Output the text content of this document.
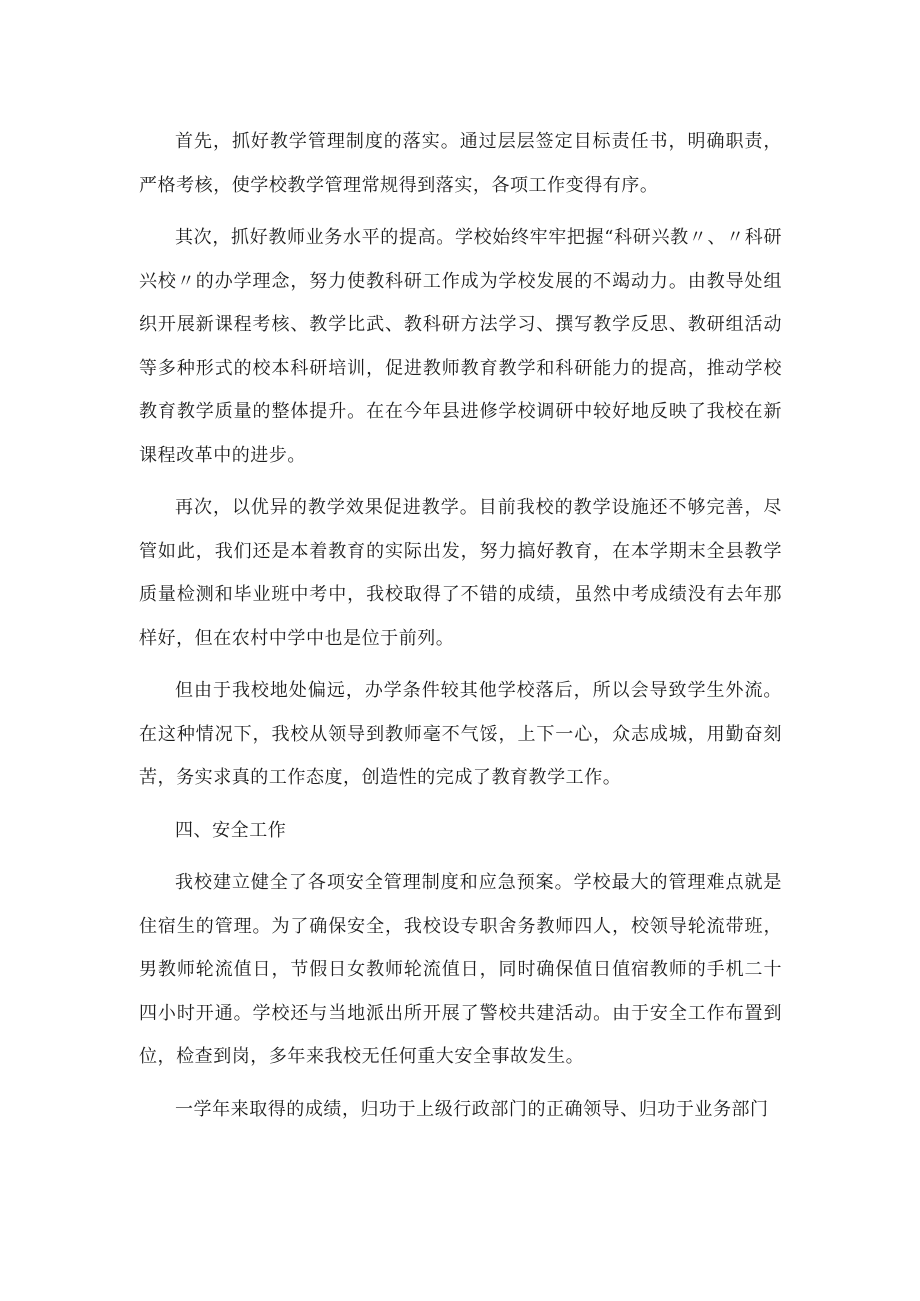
首先，抓好教学管理制度的落实。通过层层签定目标责任书，明确职责，严格考核，使学校教学管理常规得到落实，各项工作变得有序。

其次，抓好教师业务水平的提高。学校始终牢牢把握“科研兴教〃、〃科研兴校〃的办学理念，努力使教科研工作成为学校发展的不竭动力。由教导处组织开展新课程考核、教学比武、教科研方法学习、撰写教学反思、教研组活动等多种形式的校本科研培训，促进教师教育教学和科研能力的提高，推动学校教育教学质量的整体提升。在在今年县进修学校调研中较好地反映了我校在新课程改革中的进步。

再次，以优异的教学效果促进教学。目前我校的教学设施还不够完善，尽管如此，我们还是本着教育的实际出发，努力搞好教育，在本学期末全县教学质量检测和毕业班中考中，我校取得了不错的成绩，虽然中考成绩没有去年那样好，但在农村中学中也是位于前列。

但由于我校地处偏远，办学条件较其他学校落后，所以会导致学生外流。在这种情况下，我校从领导到教师毫不气馁，上下一心，众志成城，用勤奋刻苦，务实求真的工作态度，创造性的完成了教育教学工作。

四、安全工作

我校建立健全了各项安全管理制度和应急预案。学校最大的管理难点就是住宿生的管理。为了确保安全，我校设专职舍务教师四人，校领导轮流带班，男教师轮流值日，节假日女教师轮流值日，同时确保值日值宿教师的手机二十四小时开通。学校还与当地派出所开展了警校共建活动。由于安全工作布置到位，检查到岗，多年来我校无任何重大安全事故发生。

一学年来取得的成绩，归功于上级行政部门的正确领导、归功于业务部门
